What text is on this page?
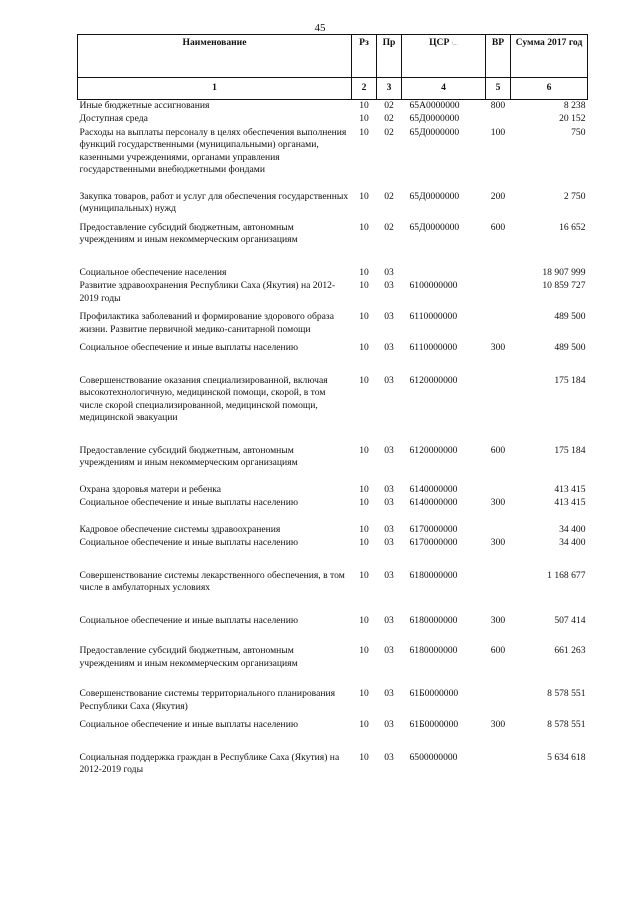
45
Наименование	Рз	Пр	ЦСР \...	ВР	Сумма 2017 год
1	2	3	4	5	6
Иные бюджетные ассигнования	10	02	65А0000000	800	8 238
Доступная среда	10	02	65Д0000000		20 152
Расходы на выплаты персоналу в целях обеспечения выполнения функций государственными (муниципальными) органами, казенными учреждениями, органами управления государственными внебюджетными фондами	10	02	65Д0000000	100	750
Закупка товаров, работ и услуг для обеспечения государственных (муниципальных) нужд	10	02	65Д0000000	200	2 750
Предоставление субсидий бюджетным, автономным учреждениям и иным некоммерческим организациям	10	02	65Д0000000	600	16 652
Социальное обеспечение населения	10	03			18 907 999
Развитие здравоохранения Республики Саха (Якутия) на 2012-2019 годы	10	03	6100000000		10 859 727
Профилактика заболеваний и формирование здорового образа жизни. Развитие первичной медико-санитарной помощи	10	03	6110000000		489 500
Социальное обеспечение и иные выплаты населению	10	03	6110000000	300	489 500
Совершенствование оказания специализированной, включая высокотехнологичную, медицинской помощи, скорой, в том числе скорой специализированной, медицинской помощи, медицинской эвакуации	10	03	6120000000		175 184
Предоставление субсидий бюджетным, автономным учреждениям и иным некоммерческим организациям	10	03	6120000000	600	175 184
Охрана здоровья матери и ребенка	10	03	6140000000		413 415
Социальное обеспечение и иные выплаты населению	10	03	6140000000	300	413 415
Кадровое обеспечение системы здравоохранения	10	03	6170000000		34 400
Социальное обеспечение и иные выплаты населению	10	03	6170000000	300	34 400
Совершенствование системы лекарственного обеспечения, в том числе в амбулаторных условиях	10	03	6180000000		1 168 677
Социальное обеспечение и иные выплаты населению	10	03	6180000000	300	507 414
Предоставление субсидий бюджетным, автономным учреждениям и иным некоммерческим организациям	10	03	6180000000	600	661 263
Совершенствование системы территориального планирования Республики Саха (Якутия)	10	03	61Б0000000		8 578 551
Социальное обеспечение и иные выплаты населению	10	03	61Б0000000	300	8 578 551
Социальная поддержка граждан в Республике Саха (Якутия) на 2012-2019 годы	10	03	6500000000		5 634 618
